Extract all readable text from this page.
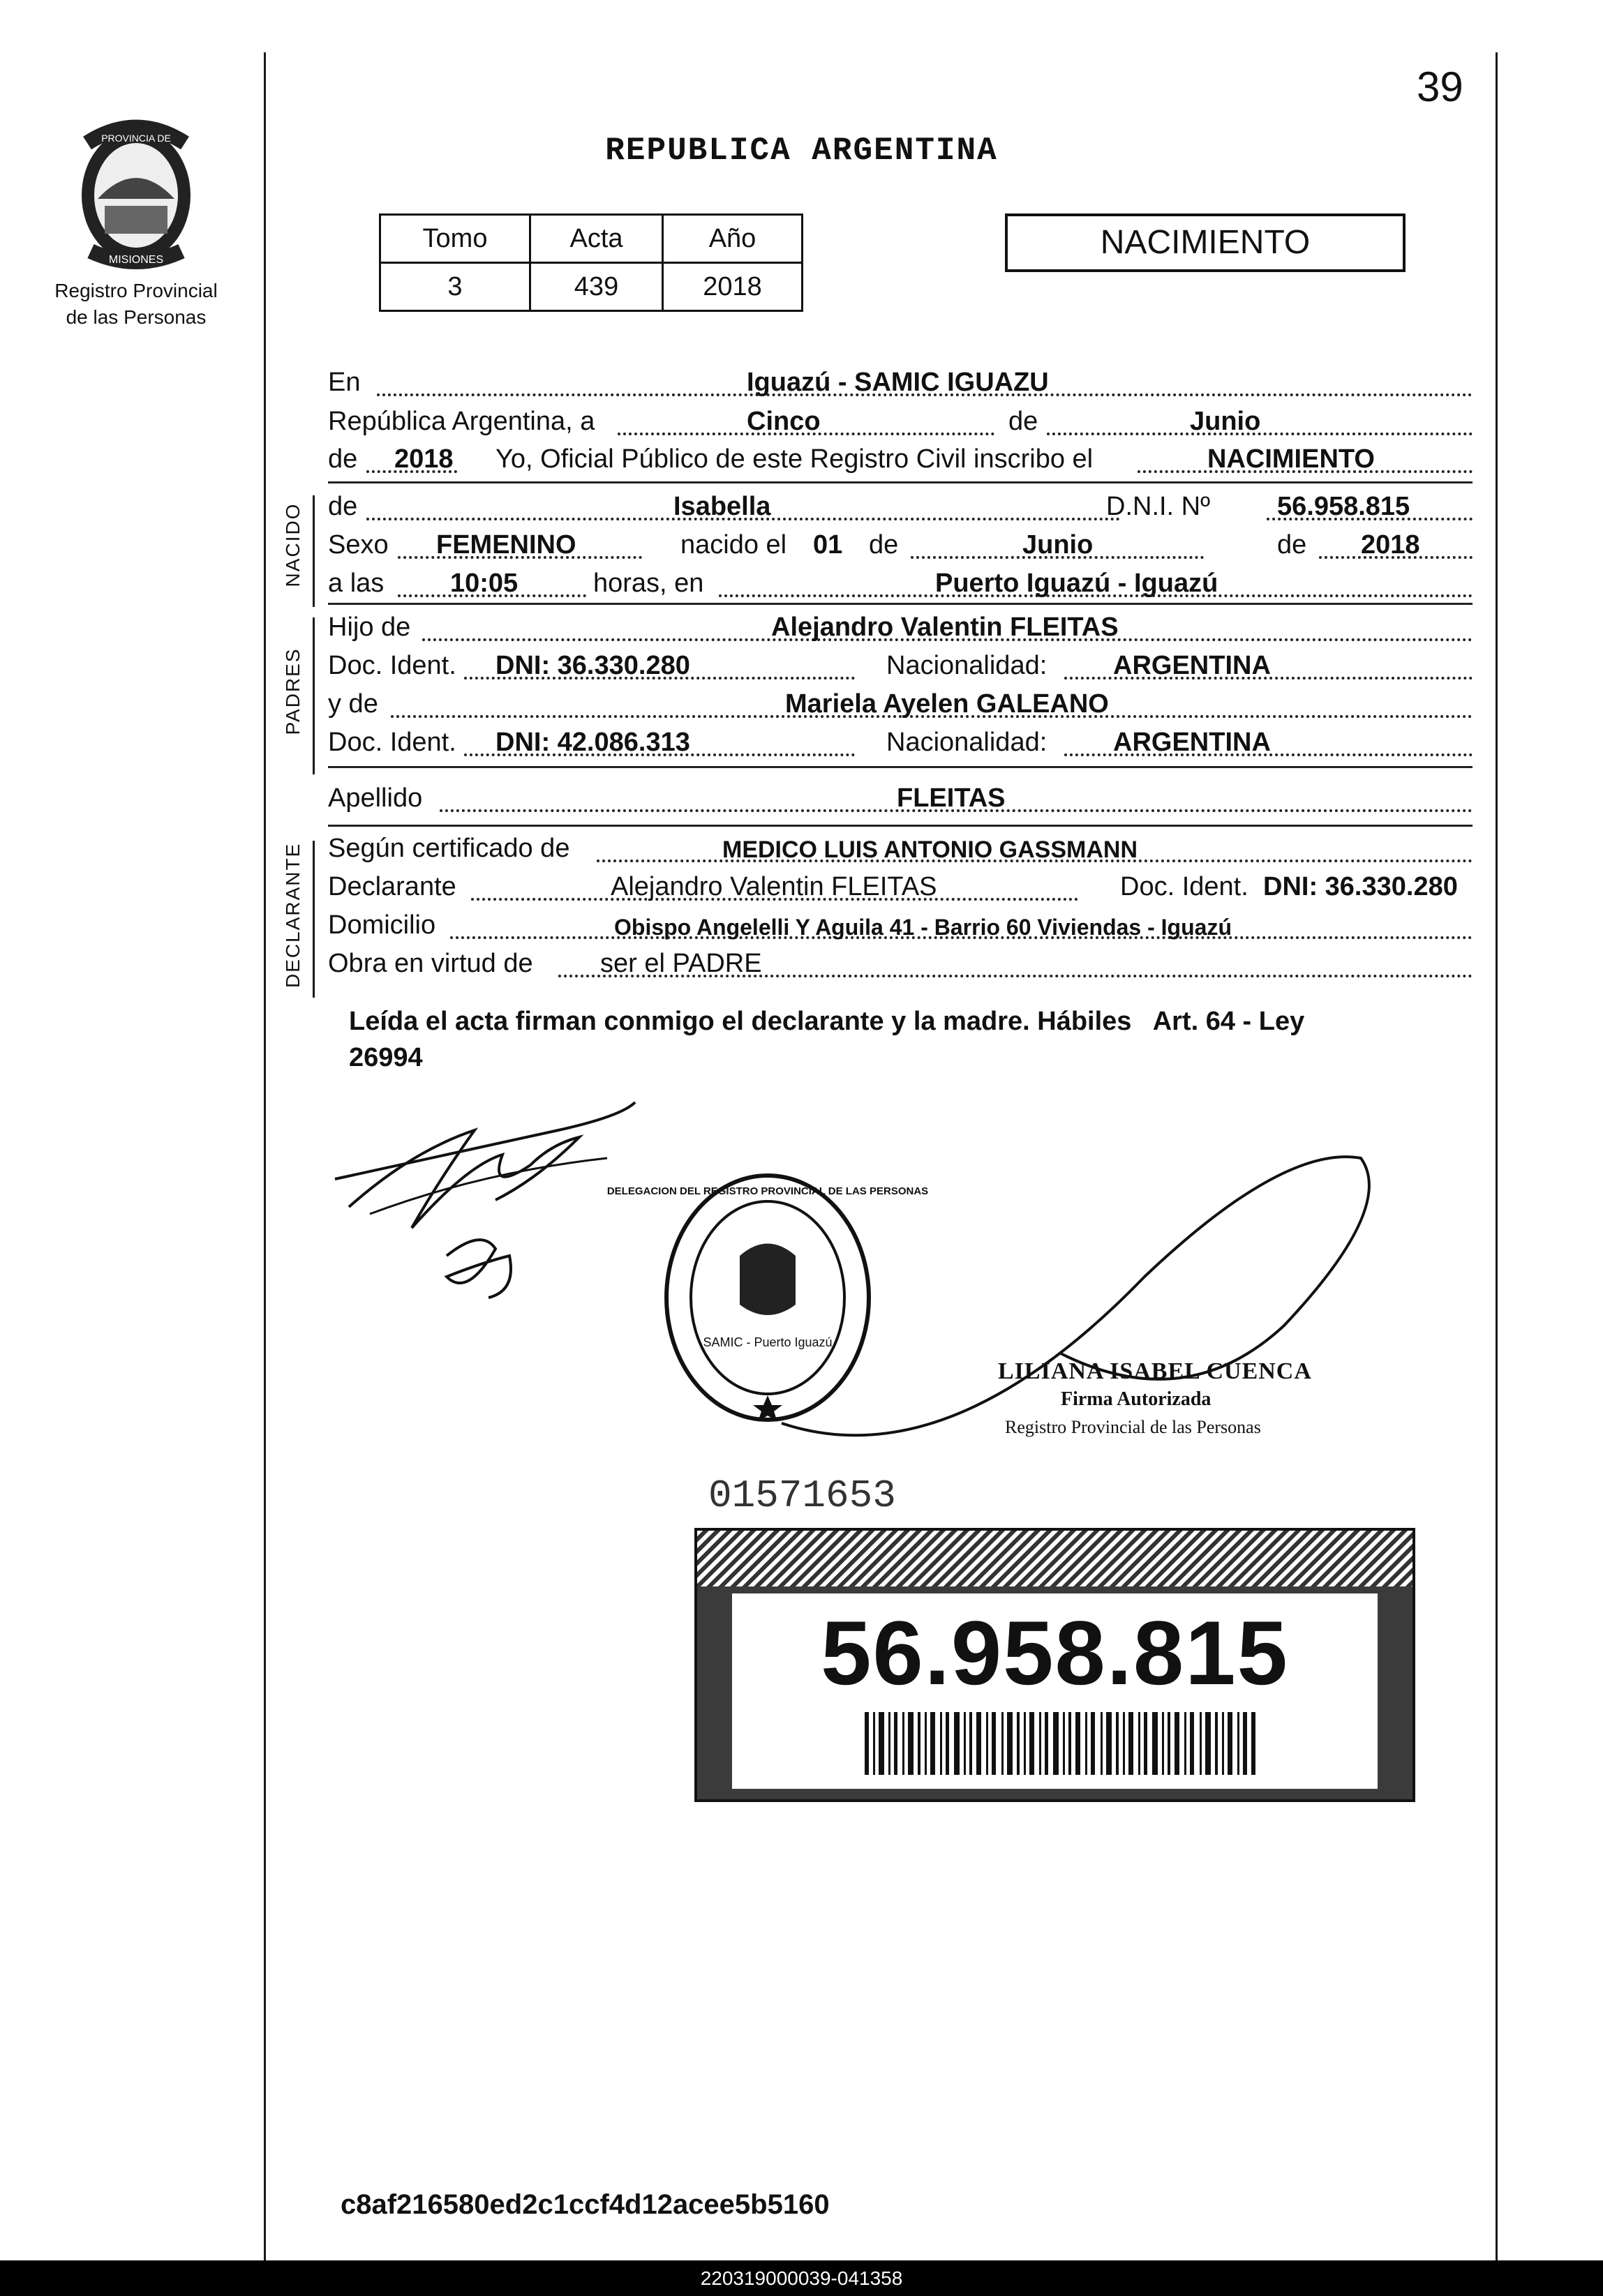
39
REPUBLICA ARGENTINA
PROVINCIA DE
MISIONES
Registro Provincial
de las Personas
Tomo	Acta	Año
3	439	2018
NACIMIENTO
En	Iguazú - SAMIC IGUAZU
República Argentina, a	Cinco	de	Junio
de 2018 Yo, Oficial Público de este Registro Civil inscribo el	NACIMIENTO
NACIDO de	Isabella	D.N.I. Nº	56.958.815
Sexo FEMENINO	nacido el 01 de	Junio	de 2018
a las 10:05	horas, en	Puerto Iguazú - Iguazú
PADRES
Hijo de	Alejandro Valentin FLEITAS
Doc. Ident. DNI: 36.330.280	Nacionalidad: ARGENTINA
y de	Mariela Ayelen GALEANO
Doc. Ident. DNI: 42.086.313	Nacionalidad: ARGENTINA
Apellido	FLEITAS
DECLARANTE Según certificado de	MEDICO LUIS ANTONIO GASSMANN
Declarante	Alejandro Valentin FLEITAS	Doc. Ident. DNI: 36.330.280
Domicilio	Obispo Angelelli Y Aguila 41 - Barrio 60 Viviendas - Iguazú
Obra en virtud de	ser el PADRE
Leída el acta firman conmigo el declarante y la madre. Hábiles   Art. 64 - Ley
26994
SAMIC - Puerto Iguazú
DELEGACION DEL REGISTRO PROVINCIAL DE LAS PERSONAS
LILIANA ISABEL CUENCA
Firma Autorizada
Registro Provincial de las Personas
01571653
56.958.815
c8af216580ed2c1ccf4d12acee5b5160
220319000039-041358
